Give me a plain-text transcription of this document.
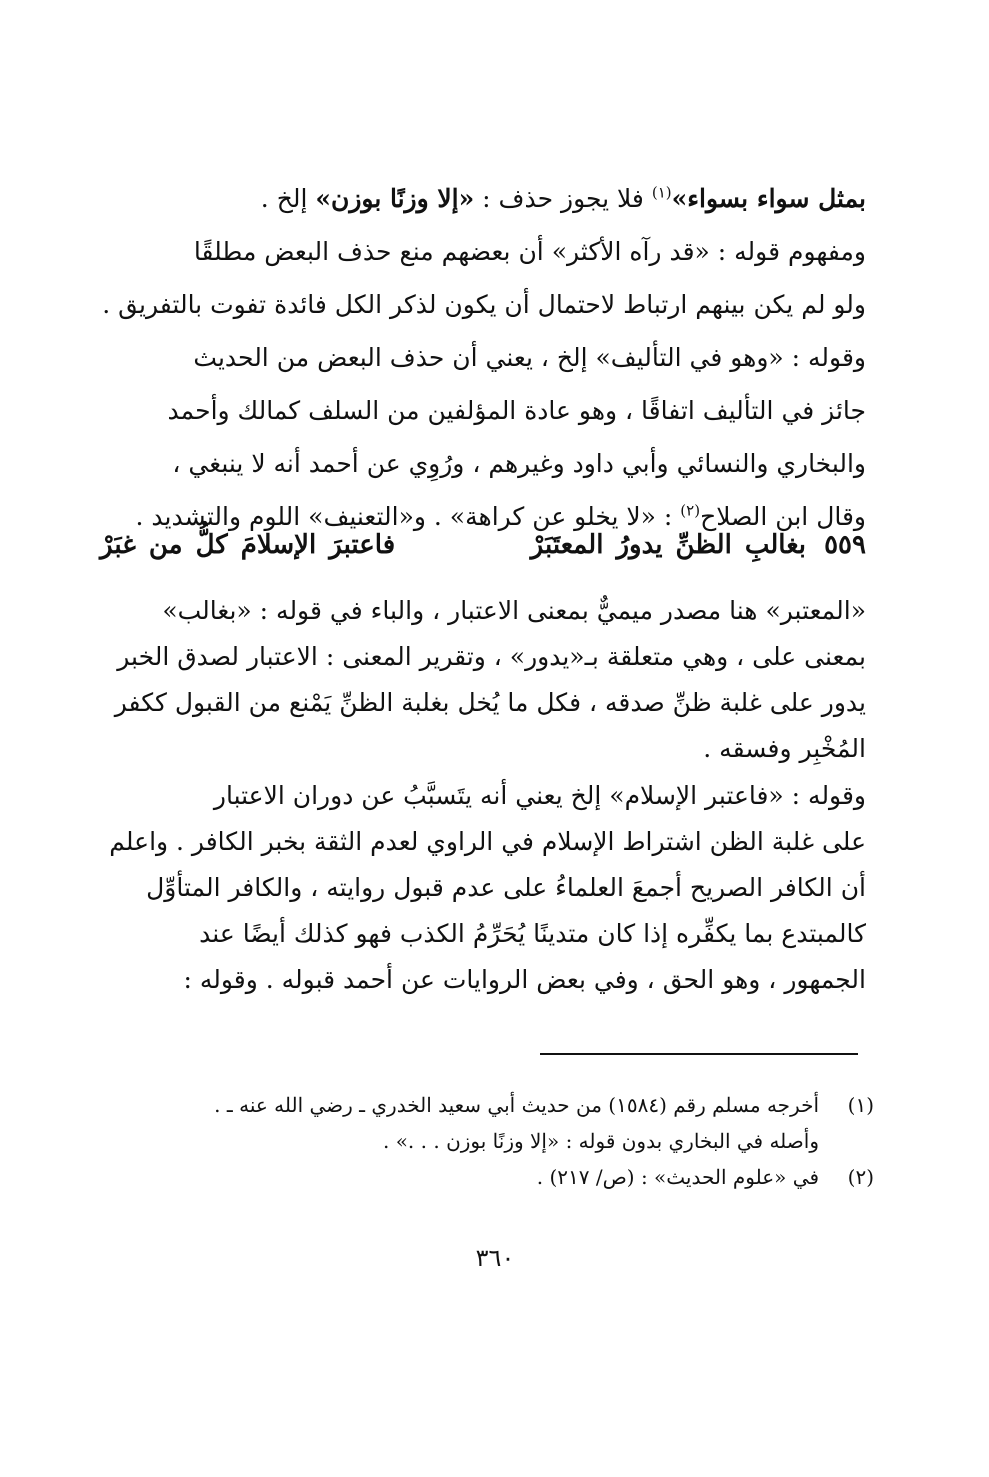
بمثل سواء بسواء»$^{(١)}$ فلا يجوز حذف : «إلا وزنًا بوزن» إلخ .
ومفهوم قوله : «قد رآه الأكثر» أن بعضهم منع حذف البعض مطلقًا
ولو لم يكن بينهم ارتباط لاحتمال أن يكون لذكر الكل فائدة تفوت بالتفريق .
وقوله : «وهو في التأليف» إلخ ، يعني أن حذف البعض من الحديث
جائز في التأليف اتفاقًا ، وهو عادة المؤلفين من السلف كمالك وأحمد
والبخاري والنسائي وأبي داود وغيرهم ، ورُوِي عن أحمد أنه لا ينبغي ،
وقال ابن الصلاح$^{(٢)}$ : «لا يخلو عن كراهة» . و«التعنيف» اللوم والتشديد .
٥٥٩
بغالبِ الظنِّ يدورُ المعتَبَرْ
فاعتبرَ الإسلامَ كلُّ من غبَرْ
«المعتبر» هنا مصدر ميميٌّ بمعنى الاعتبار ، والباء في قوله : «بغالب»
بمعنى على ، وهي متعلقة بـ«يدور» ، وتقرير المعنى : الاعتبار لصدق الخبر
يدور على غلبة ظنِّ صدقه ، فكل ما يُخل بغلبة الظنِّ يَمْنع من القبول ككفر
المُخْبِر وفسقه .
وقوله : «فاعتبر الإسلام» إلخ يعني أنه يتَسبَّبُ عن دوران الاعتبار
على غلبة الظن اشتراط الإسلام في الراوي لعدم الثقة بخبر الكافر . واعلم
أن الكافر الصريح أجمعَ العلماءُ على عدم قبول روايته ، والكافر المتأوِّل
كالمبتدع بما يكفِّره إذا كان متدينًا يُحَرِّمُ الكذب فهو كذلك أيضًا عند
الجمهور ، وهو الحق ، وفي بعض الروايات عن أحمد قبوله . وقوله :
(١)
أخرجه مسلم رقم (١٥٨٤) من حديث أبي سعيد الخدري ـ رضي الله عنه ـ .
وأصله في البخاري بدون قوله : «إلا وزنًا بوزن . . .» .
(٢)
في «علوم الحديث» : (ص/ ٢١٧) .
٣٦٠
